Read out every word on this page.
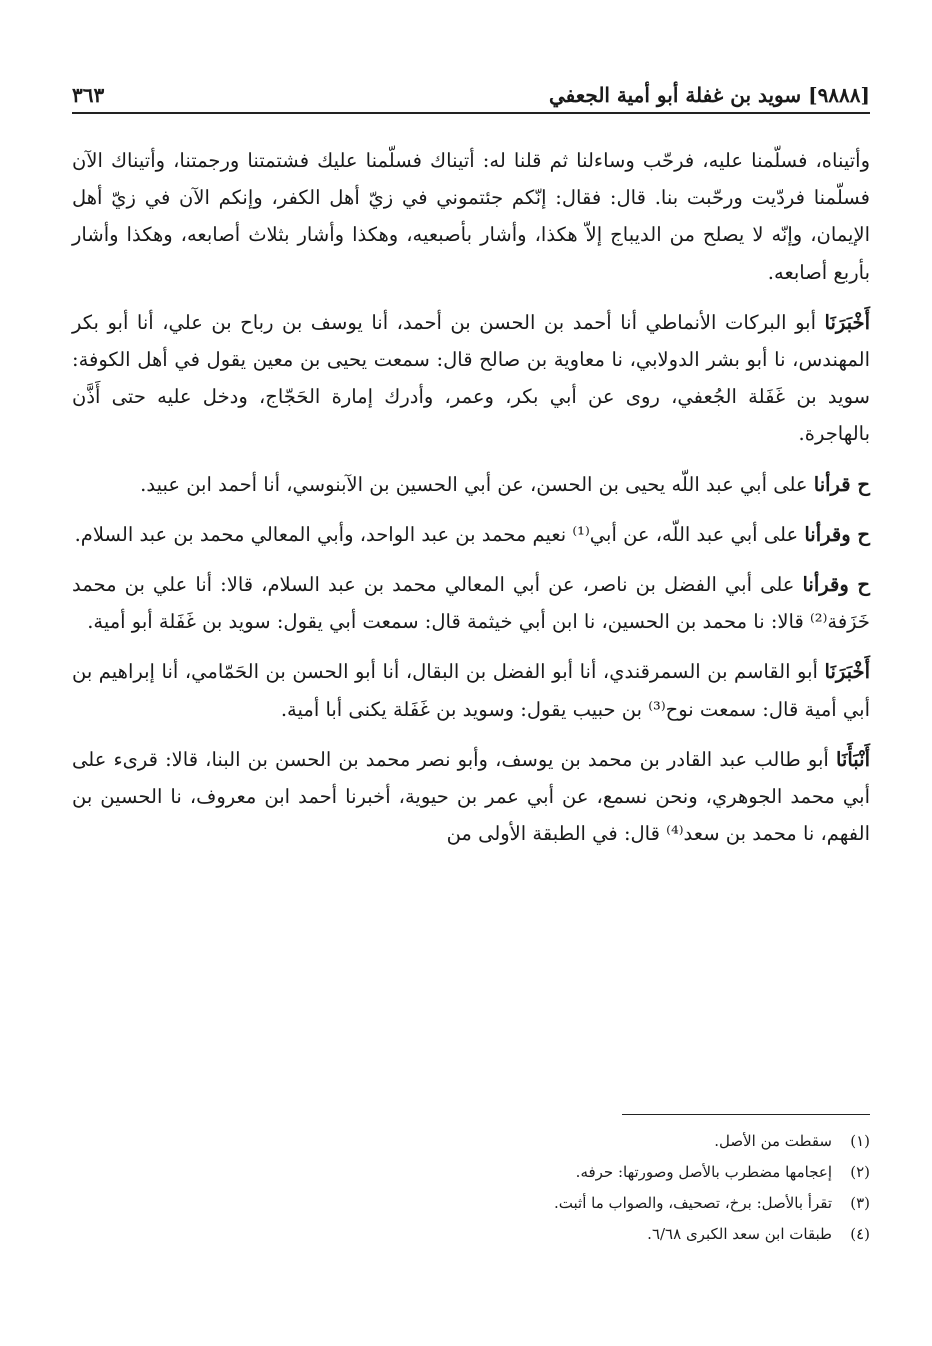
[٩٨٨٨] سويد بن غفلة أبو أمية الجعفي
٣٦٣

وأتيناه، فسلّمنا عليه، فرحّب وساءلنا ثم قلنا له: أتيناك فسلّمنا عليك فشتمتنا ورجمتنا، وأتيناك الآن فسلّمنا فردّيت ورحّبت بنا. قال: فقال: إنّكم جئتموني في زيّ أهل الكفر، وإنكم الآن في زيّ أهل الإيمان، وإنّه لا يصلح من الديباج إلاّ هكذا، وأشار بأصبعيه، وهكذا وأشار بثلاث أصابعه، وهكذا وأشار بأربع أصابعه.

أَخْبَرَنَا أبو البركات الأنماطي أنا أحمد بن الحسن بن أحمد، أنا يوسف بن رباح بن علي، أنا أبو بكر المهندس، نا أبو بشر الدولابي، نا معاوية بن صالح قال: سمعت يحيى بن معين يقول في أهل الكوفة: سويد بن غَفَلة الجُعفي، روى عن أبي بكر، وعمر، وأدرك إمارة الحَجّاج، ودخل عليه حتى أَذَّن بالهاجرة.

ح قرأنا على أبي عبد اللّه يحيى بن الحسن، عن أبي الحسين بن الآبنوسي، أنا أحمد ابن عبيد.

ح وقرأنا على أبي عبد اللّه، عن أبي⁽¹⁾ نعيم محمد بن عبد الواحد، وأبي المعالي محمد بن عبد السلام.

ح وقرأنا على أبي الفضل بن ناصر، عن أبي المعالي محمد بن عبد السلام، قالا: أنا علي بن محمد خَزَفة⁽²⁾ قالا: نا محمد بن الحسين، نا ابن أبي خيثمة قال: سمعت أبي يقول: سويد بن غَفَلة أبو أمية.

أَخْبَرَنَا أبو القاسم بن السمرقندي، أنا أبو الفضل بن البقال، أنا أبو الحسن بن الحَمّامي، أنا إبراهيم بن أبي أمية قال: سمعت نوح⁽³⁾ بن حبيب يقول: وسويد بن غَفَلة يكنى أبا أمية.

أَنْبَأَنَا أبو طالب عبد القادر بن محمد بن يوسف، وأبو نصر محمد بن الحسن بن البنا، قالا: قرىء على أبي محمد الجوهري، ونحن نسمع، عن أبي عمر بن حيوية، أخبرنا أحمد ابن معروف، نا الحسين بن الفهم، نا محمد بن سعد⁽⁴⁾ قال: في الطبقة الأولى من

(١)
سقطت من الأصل.
(٢)
إعجامها مضطرب بالأصل وصورتها: حرفه.
(٣)
تقرأ بالأصل: برخ، تصحيف، والصواب ما أثبت.
(٤)
طبقات ابن سعد الكبرى ٦/٦٨.
